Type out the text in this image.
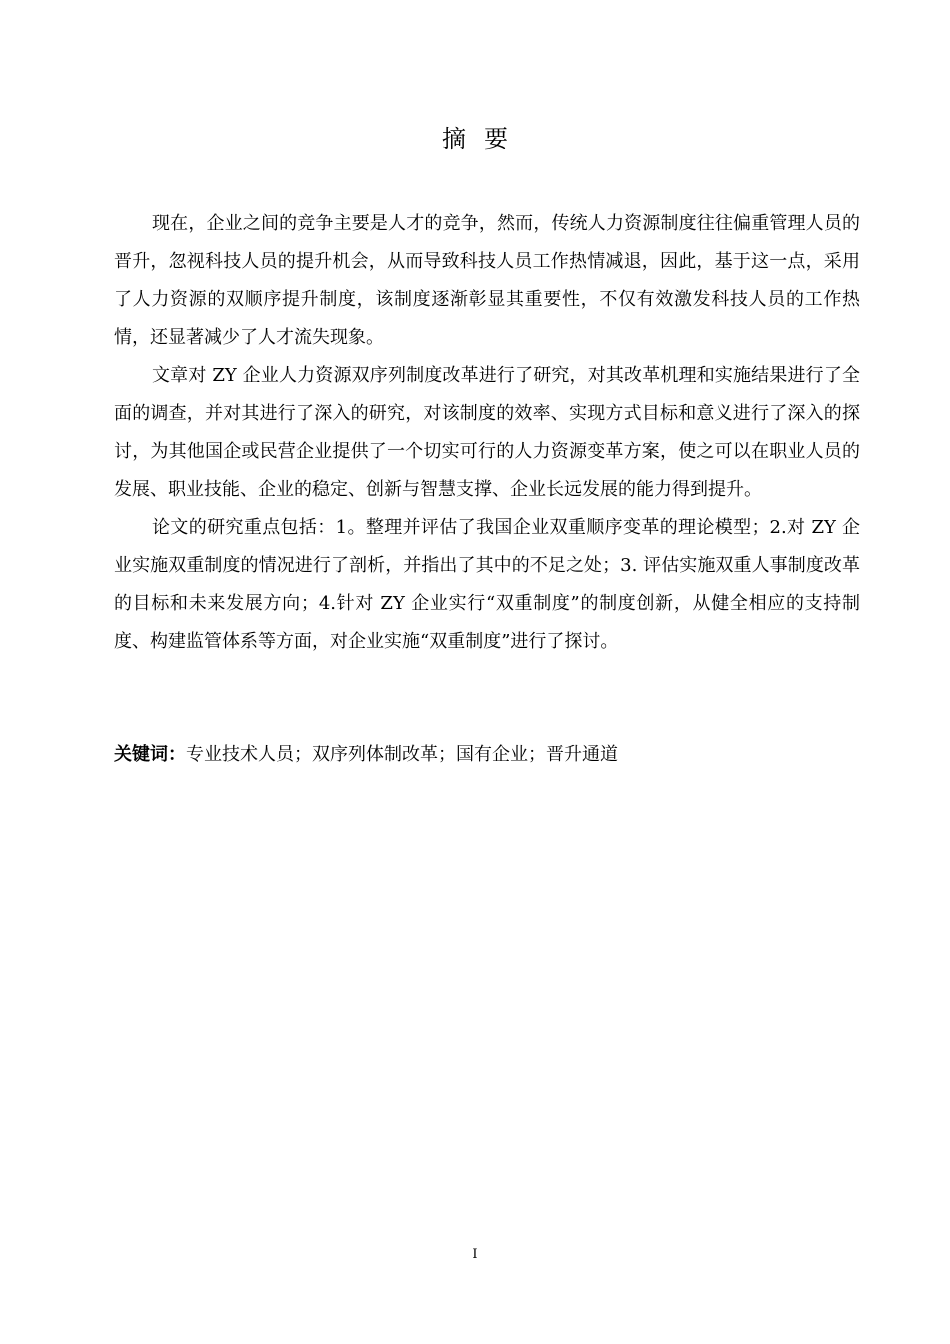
摘要

现在，企业之间的竞争主要是人才的竞争，然而，传统人力资源制度往往偏重管理人员的晋升，忽视科技人员的提升机会，从而导致科技人员工作热情减退，因此，基于这一点，采用了人力资源的双顺序提升制度，该制度逐渐彰显其重要性，不仅有效激发科技人员的工作热情，还显著减少了人才流失现象。

文章对 ZY 企业人力资源双序列制度改革进行了研究，对其改革机理和实施结果进行了全面的调查，并对其进行了深入的研究，对该制度的效率、实现方式目标和意义进行了深入的探讨，为其他国企或民营企业提供了一个切实可行的人力资源变革方案，使之可以在职业人员的发展、职业技能、企业的稳定、创新与智慧支撑、企业长远发展的能力得到提升。

论文的研究重点包括：1。整理并评估了我国企业双重顺序变革的理论模型；2.对 ZY 企业实施双重制度的情况进行了剖析，并指出了其中的不足之处；3. 评估实施双重人事制度改革的目标和未来发展方向；4.针对 ZY 企业实行“双重制度”的制度创新，从健全相应的支持制度、构建监管体系等方面，对企业实施“双重制度”进行了探讨。

关键词：专业技术人员；双序列体制改革；国有企业；晋升通道
I
